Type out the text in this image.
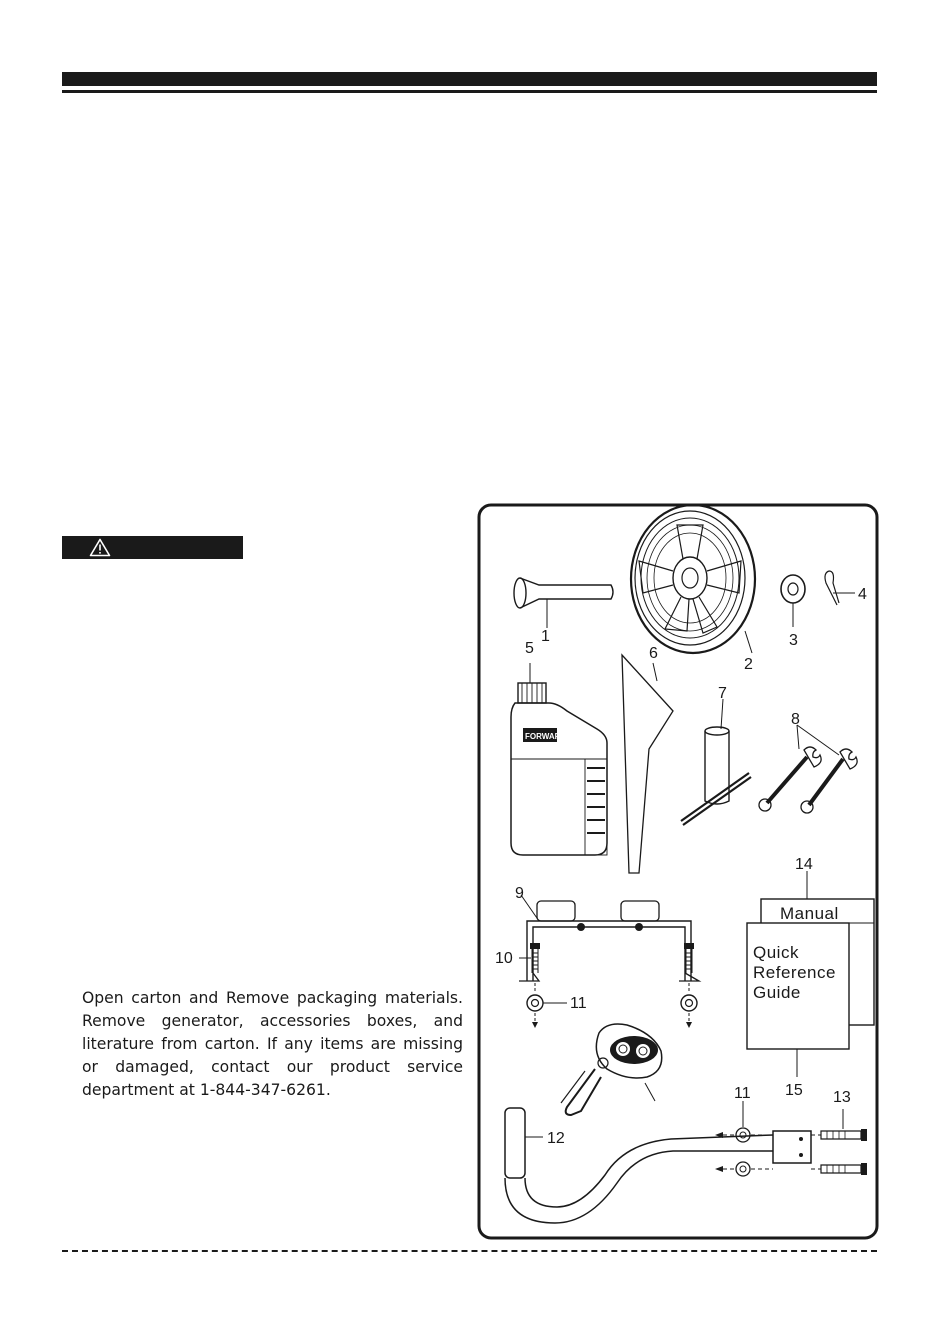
Open carton and Remove packaging materials. Remove generator, accessories boxes, and literature from carton. If any items are missing or damaged, contact our product service department at 1-844-347-6261.

FORWARD
Manual
Quick
Reference
Guide
1
2
3
4
5	6
7
8
9
10
11
11
12
13
14
15
